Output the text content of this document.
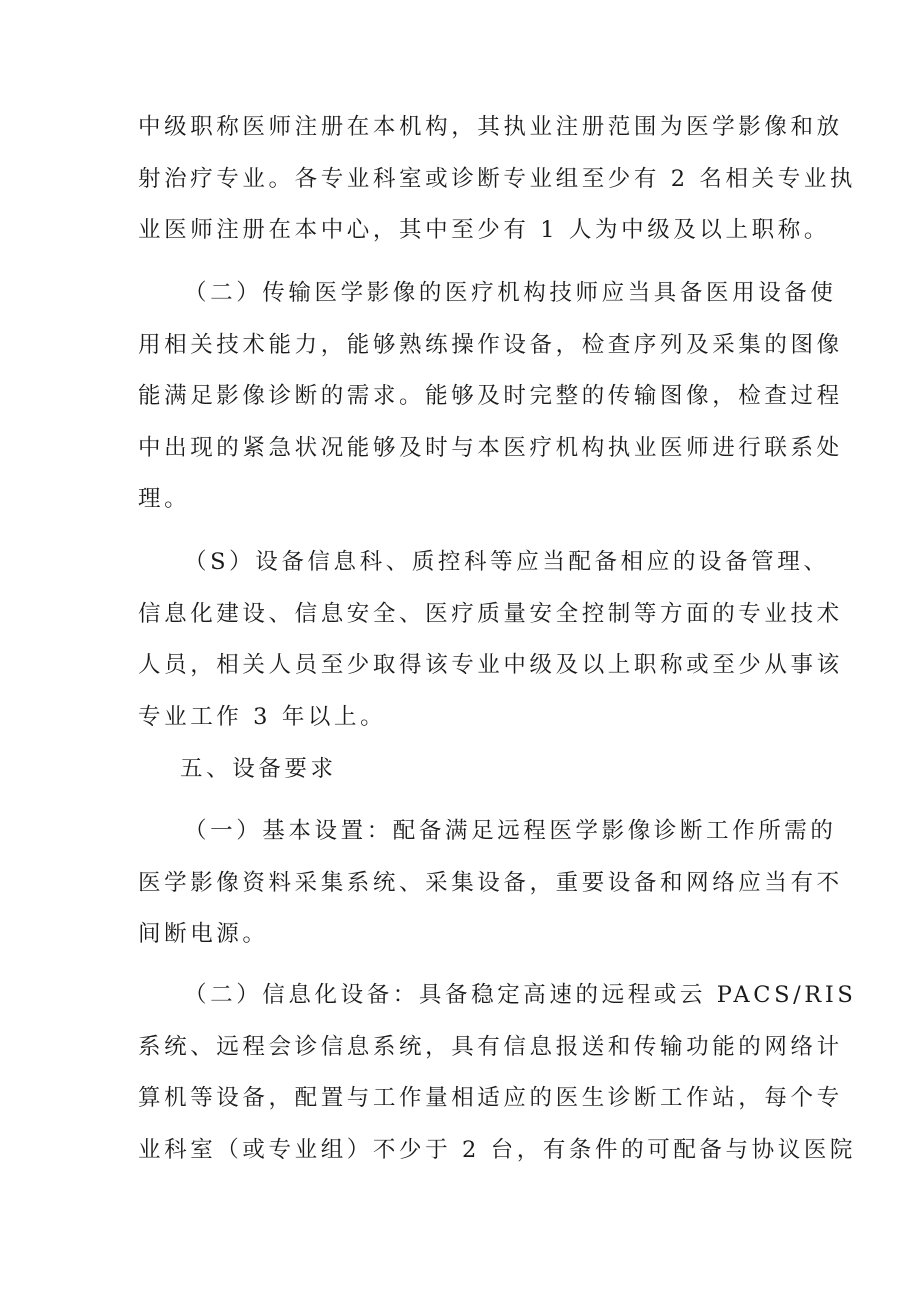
中级职称医师注册在本机构，其执业注册范围为医学影像和放
射治疗专业。各专业科室或诊断专业组至少有 2 名相关专业执
业医师注册在本中心，其中至少有 1 人为中级及以上职称。
（二）传输医学影像的医疗机构技师应当具备医用设备使
用相关技术能力，能够熟练操作设备，检查序列及采集的图像
能满足影像诊断的需求。能够及时完整的传输图像，检查过程
中出现的紧急状况能够及时与本医疗机构执业医师进行联系处
理。
（S）设备信息科、质控科等应当配备相应的设备管理、
信息化建设、信息安全、医疗质量安全控制等方面的专业技术
人员，相关人员至少取得该专业中级及以上职称或至少从事该
专业工作 3 年以上。
五、设备要求
（一）基本设置：配备满足远程医学影像诊断工作所需的
医学影像资料采集系统、采集设备，重要设备和网络应当有不
间断电源。
（二）信息化设备：具备稳定高速的远程或云 PACS/RIS
系统、远程会诊信息系统，具有信息报送和传输功能的网络计
算机等设备，配置与工作量相适应的医生诊断工作站，每个专
业科室（或专业组）不少于 2 台，有条件的可配备与协议医院
